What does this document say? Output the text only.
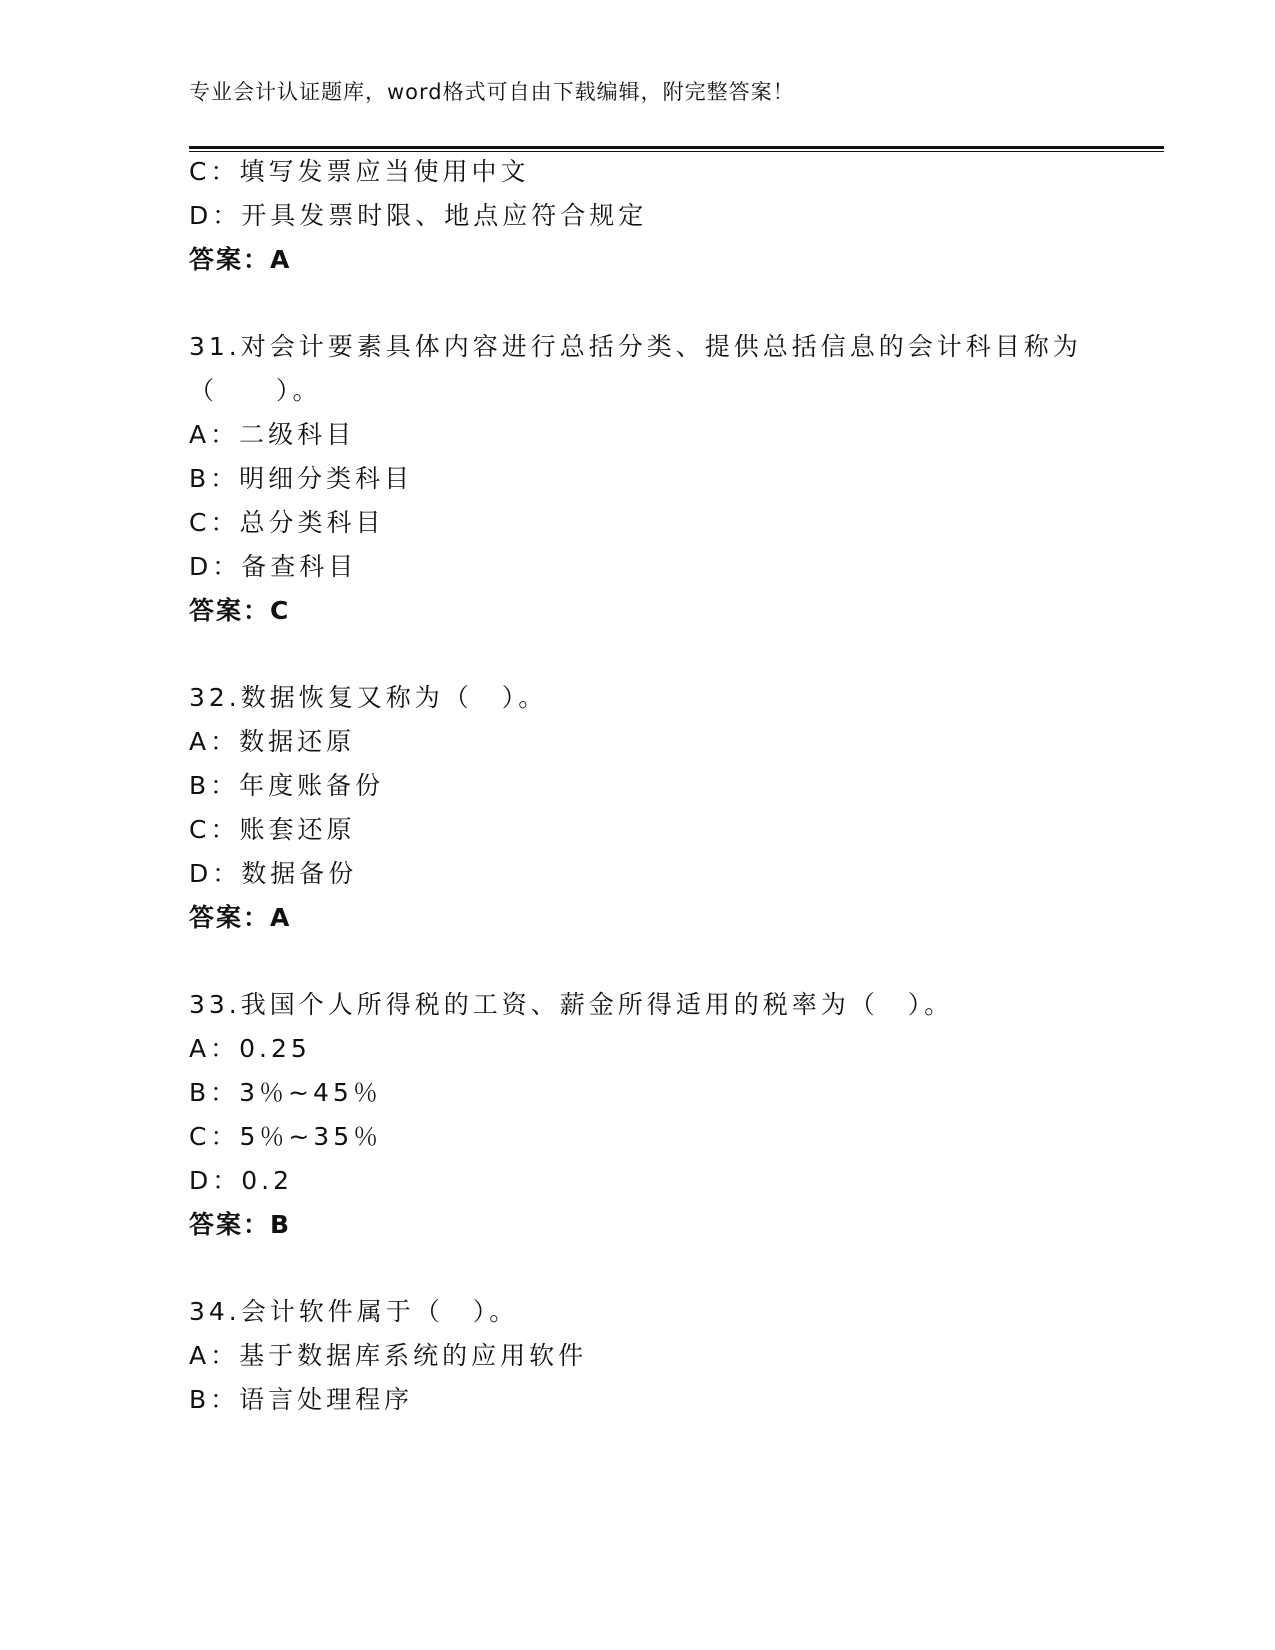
专业会计认证题库，word格式可自由下载编辑，附完整答案！
C：填写发票应当使用中文
D：开具发票时限、地点应符合规定
答案：A
31.对会计要素具体内容进行总括分类、提供总括信息的会计科目称为
（　　）。
A：二级科目
B：明细分类科目
C：总分类科目
D：备查科目
答案：C
32.数据恢复又称为（　）。
A：数据还原
B：年度账备份
C：账套还原
D：数据备份
答案：A
33.我国个人所得税的工资、薪金所得适用的税率为（　）。
A：0.25
B：3％~45％
C：5％~35％
D：0.2
答案：B
34.会计软件属于（　）。
A：基于数据库系统的应用软件
B：语言处理程序
